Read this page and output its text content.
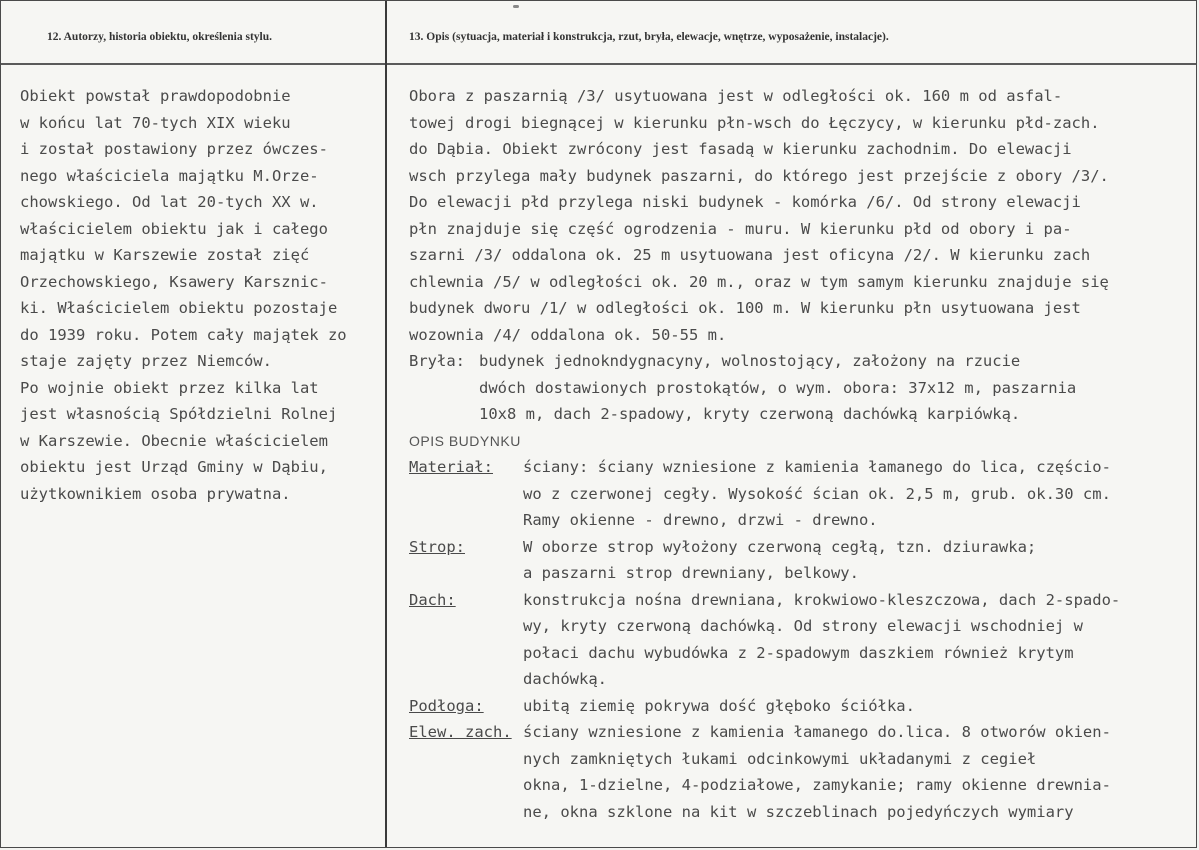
12. Autorzy, historia obiektu, określenia stylu.	13. Opis (sytuacja, materiał i konstrukcja, rzut, bryła, elewacje, wnętrze, wyposażenie, instalacje).
Obiekt powstał prawdopodobnie
w końcu lat 70-tych XIX wieku
i został postawiony przez ówczes-
nego właściciela majątku M.Orze-
chowskiego. Od lat 20-tych XX w.
właścicielem obiektu jak i całego
majątku w Karszewie został zięć
Orzechowskiego, Ksawery Karsznic-
ki. Właścicielem obiektu pozostaje
do 1939 roku. Potem cały majątek zo
staje zajęty przez Niemców.
Po wojnie obiekt przez kilka lat
jest własnością Spółdzielni Rolnej
w Karszewie. Obecnie właścicielem
obiektu jest Urząd Gminy w Dąbiu,
użytkownikiem osoba prywatna.
Obora z paszarnią /3/ usytuowana jest w odległości ok. 160 m od asfal-
towej drogi biegnącej w kierunku płn-wsch do Łęczycy, w kierunku płd-zach.
do Dąbia. Obiekt zwrócony jest fasadą w kierunku zachodnim. Do elewacji
wsch przylega mały budynek paszarni, do którego jest przejście z obory /3/.
Do elewacji płd przylega niski budynek - komórka /6/. Od strony elewacji
płn znajduje się część ogrodzenia - muru. W kierunku płd od obory i pa-
szarni /3/ oddalona ok. 25 m usytuowana jest oficyna /2/. W kierunku zach
chlewnia /5/ w odległości ok. 20 m., oraz w tym samym kierunku znajduje się
budynek dworu /1/ w odległości ok. 100 m. W kierunku płn usytuowana jest
wozownia /4/ oddalona ok. 50-55 m.
Bryła: budynek jednokndygnacyny, wolnostojący, założony na rzucie
dwóch dostawionych prostokątów, o wym. obora: 37x12 m, paszarnia
10x8 m, dach 2-spadowy, kryty czerwoną dachówką karpiówką.
OPIS BUDYNKU
Materiał:	ściany: ściany wzniesione z kamienia łamanego do lica, częścio-
wo z czerwonej cegły. Wysokość ścian ok. 2,5 m, grub. ok.30 cm.
Ramy okienne - drewno, drzwi - drewno.
Strop:	W oborze strop wyłożony czerwoną cegłą, tzn. dziurawka;
a paszarni strop drewniany, belkowy.
Dach:	konstrukcja nośna drewniana, krokwiowo-kleszczowa, dach 2-spado-
wy, kryty czerwoną dachówką. Od strony elewacji wschodniej w
połaci dachu wybudówka z 2-spadowym daszkiem również krytym
dachówką.
Podłoga:	ubitą ziemię pokrywa dość głęboko ściółka.
Elew. zach. ściany wzniesione z kamienia łamanego do.lica. 8 otworów okien-
nych zamkniętych łukami odcinkowymi układanymi z cegieł
okna, 1-dzielne, 4-podziałowe, zamykanie; ramy okienne drewnia-
ne, okna szklone na kit w szczeblinach pojedyńczych wymiary
